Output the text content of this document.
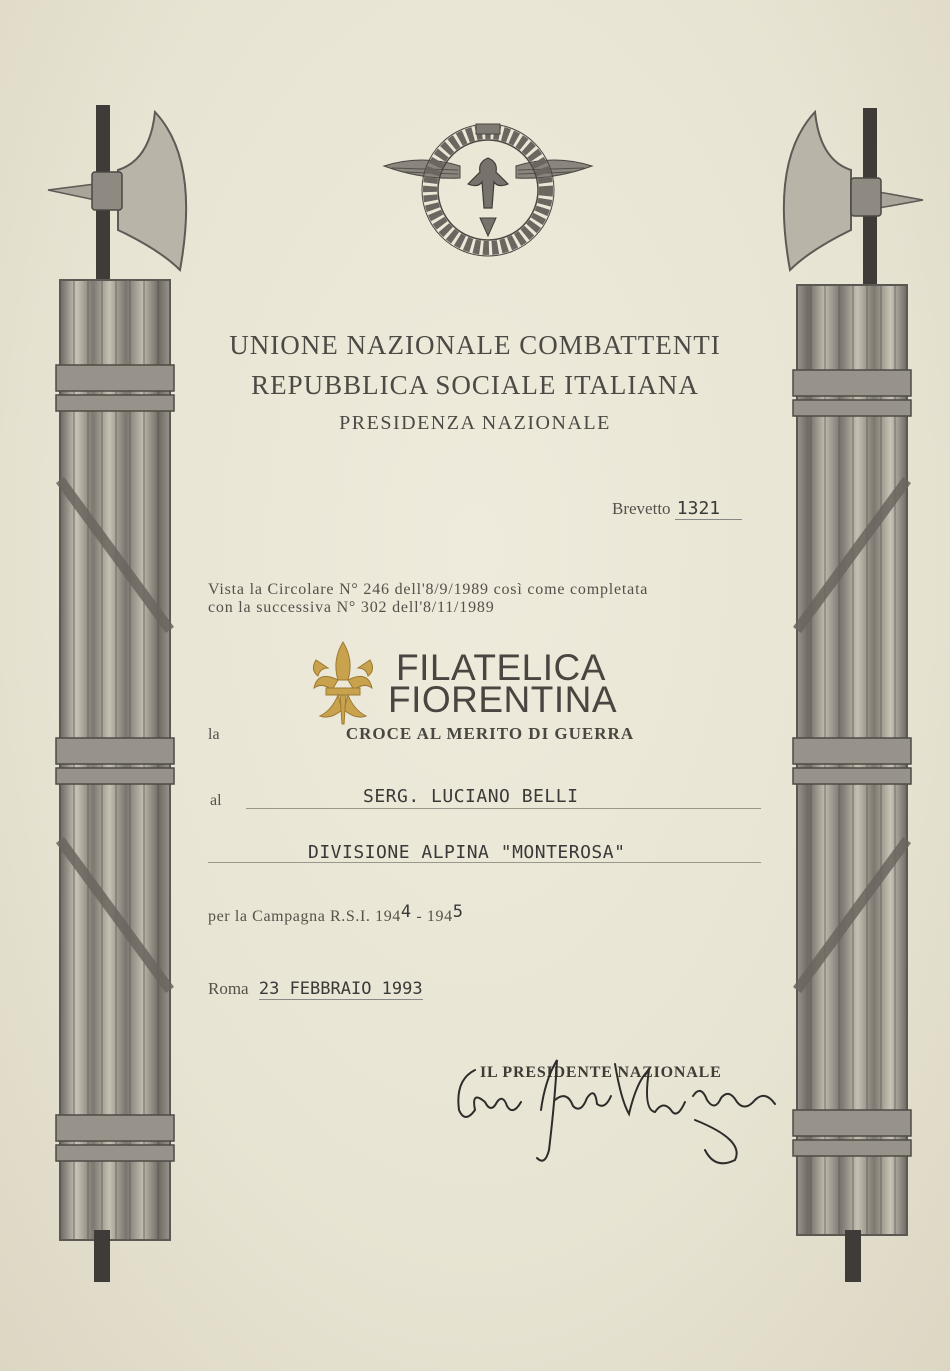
UNIONE NAZIONALE COMBATTENTI
REPUBBLICA SOCIALE ITALIANA
PRESIDENZA NAZIONALE
Brevetto 1321
Vista la Circolare N° 246 dell'8/9/1989 così come completata
con la successiva N° 302 dell'8/11/1989
FILATELICA
FIORENTINA
la	CROCE AL MERITO DI GUERRA
al	SERG. LUCIANO BELLI
DIVISIONE ALPINA "MONTEROSA"
per la Campagna R.S.I. 1944 - 1945
Roma 23 FEBBRAIO 1993
IL PRESIDENTE NAZIONALE
